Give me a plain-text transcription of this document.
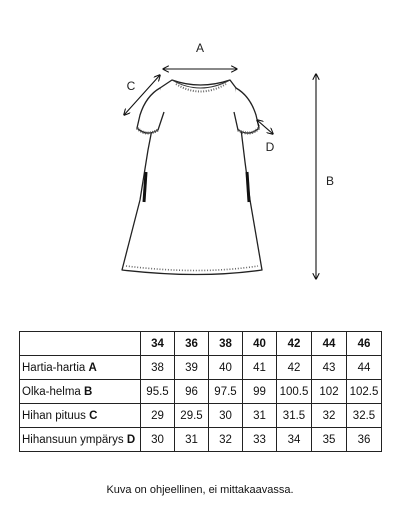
A
C
D
B
	34	36	38	40	42	44	46
Hartia-hartia A	38	39	40	41	42	43	44
Olka-helma B	95.5	96	97.5	99	100.5	102	102.5
Hihan pituus C	29	29.5	30	31	31.5	32	32.5
Hihansuun ympärys D	30	31	32	33	34	35	36
Kuva on ohjeellinen, ei mittakaavassa.
